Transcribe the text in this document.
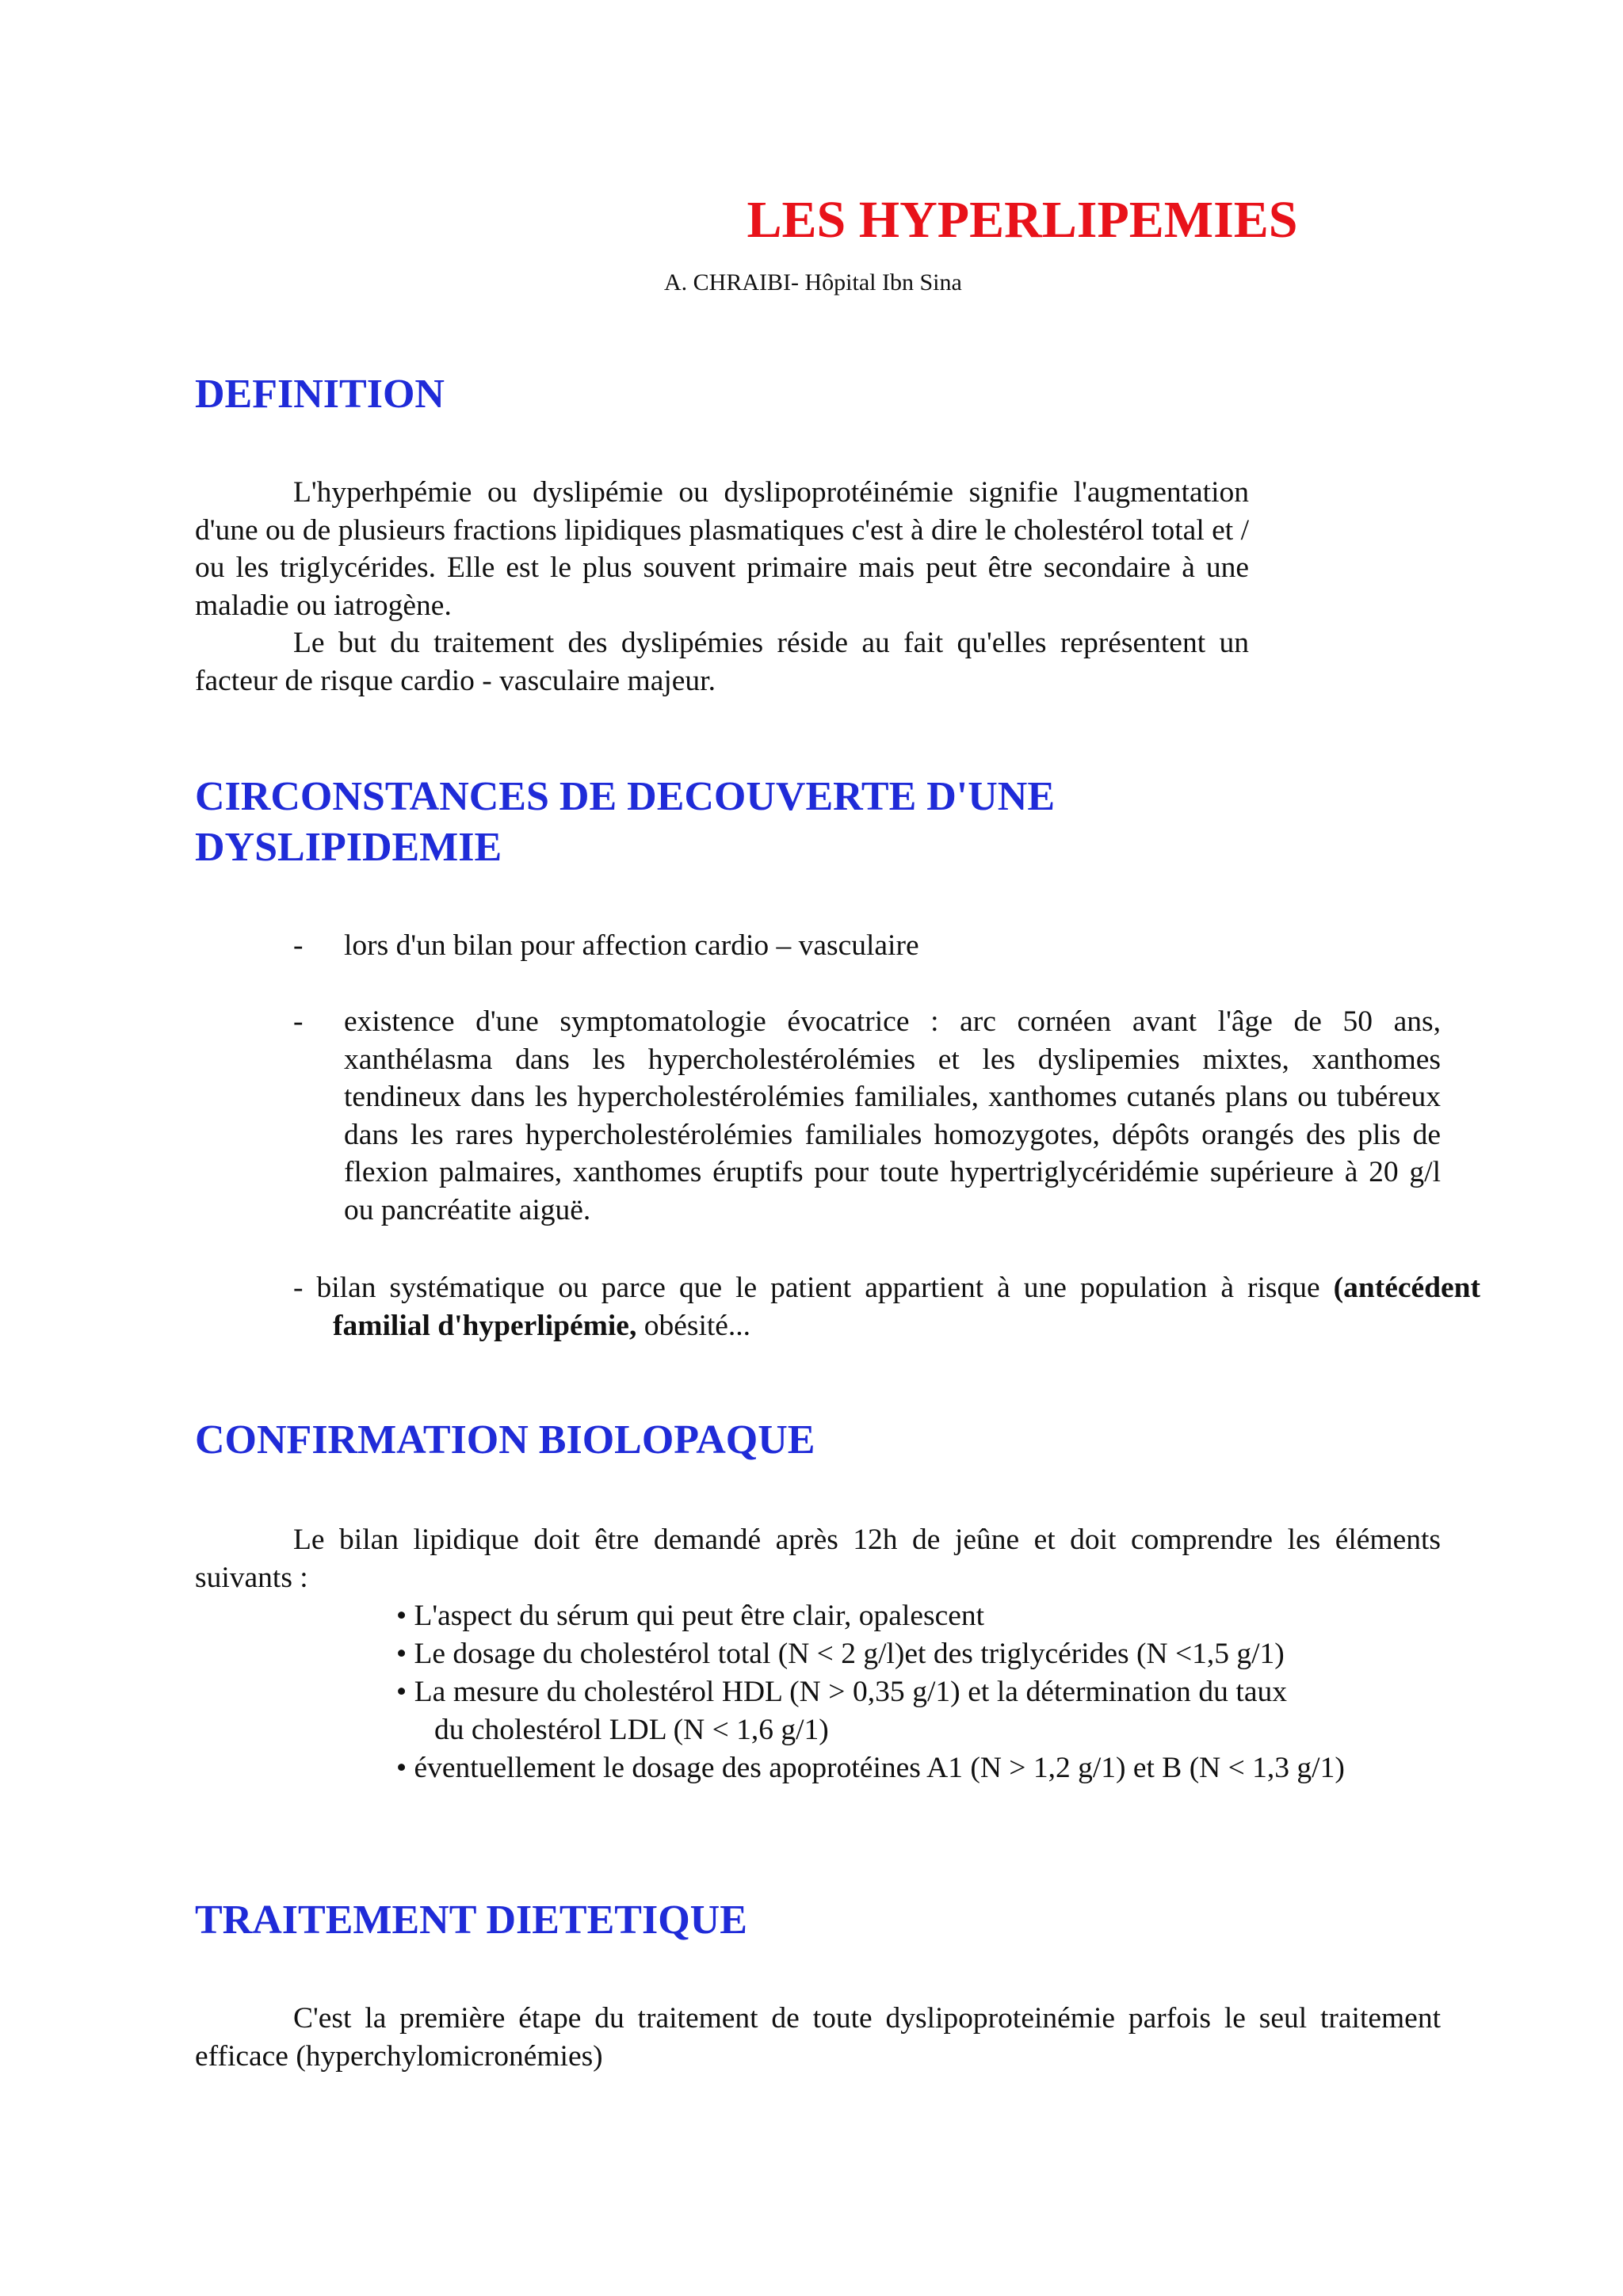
LES HYPERLIPEMIES

A. CHRAIBI- Hôpital Ibn Sina

DEFINITION

L'hyperhpémie ou dyslipémie ou dyslipoprotéinémie signifie l'augmentation d'une ou de plusieurs fractions lipidiques plasmatiques c'est à dire le cholestérol total et / ou les triglycérides. Elle est le plus souvent primaire mais peut être secondaire à une maladie ou iatrogène.

Le but du traitement des dyslipémies réside au fait qu'elles représentent un facteur de risque cardio - vasculaire majeur.

CIRCONSTANCES DE DECOUVERTE D'UNE
DYSLIPIDEMIE
- lors d'un bilan pour affection cardio – vasculaire

- existence d'une symptomatologie évocatrice : arc cornéen avant l'âge de 50 ans, xanthélasma dans les hypercholestérolémies et les dyslipemies mixtes, xanthomes tendineux dans les hypercholestérolémies familiales, xanthomes cutanés plans ou tubéreux dans les rares hypercholestérolémies familiales homozygotes, dépôts orangés des plis de flexion palmaires, xanthomes éruptifs pour toute hypertriglycéridémie supérieure à 20 g/l ou pancréatite aiguë.

- bilan systématique ou parce que le patient appartient à une population à risque (antécédent familial d'hyperlipémie, obésité...

CONFIRMATION BIOLOPAQUE

Le bilan lipidique doit être demandé après 12h de jeûne et doit comprendre les éléments suivants :

• L'aspect du sérum qui peut être clair, opalescent

• Le dosage du cholestérol total (N < 2 g/l)et des triglycérides (N <1,5 g/1)

• La mesure du cholestérol HDL (N > 0,35 g/1) et la détermination du taux du cholestérol LDL (N < 1,6 g/1)

• éventuellement le dosage des apoprotéines A1 (N > 1,2 g/1) et B (N < 1,3 g/1)

TRAITEMENT DIETETIQUE

C'est la première étape du traitement de toute dyslipoproteinémie parfois le seul traitement efficace (hyperchylomicronémies)
